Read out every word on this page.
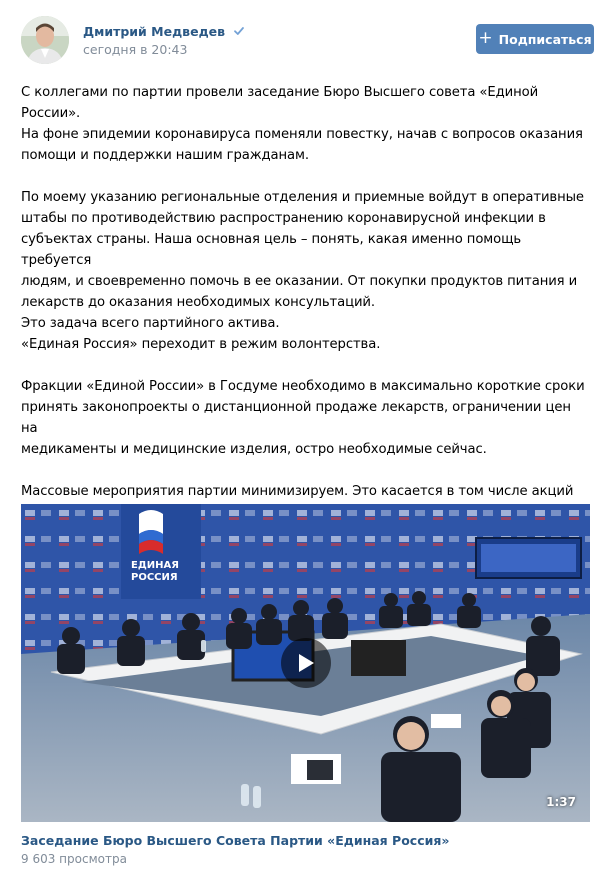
Дмитрий Медведев
сегодня в 20:43
+ Подписаться

С коллегами по партии провели заседание Бюро Высшего совета «Единой России».
На фоне эпидемии коронавируса поменяли повестку, начав с вопросов оказания
помощи и поддержки нашим гражданам.

По моему указанию региональные отделения и приемные войдут в оперативные
штабы по противодействию распространению коронавирусной инфекции в
субъектах страны. Наша основная цель – понять, какая именно помощь требуется
людям, и своевременно помочь в ее оказании. От покупки продуктов питания и
лекарств до оказания необходимых консультаций.
Это задача всего партийного актива.
«Единая Россия» переходит в режим волонтерства.

Фракции «Единой России» в Госдуме необходимо в максимально короткие сроки
принять законопроекты о дистанционной продаже лекарств, ограничении цен на
медикаменты и медицинские изделия, остро необходимые сейчас.

Массовые мероприятия партии минимизируем. Это касается в том числе акций

ЕДИНАЯ
РОССИЯ
1:37
Заседание Бюро Высшего Совета Партии «Единая Россия»
9 603 просмотра
